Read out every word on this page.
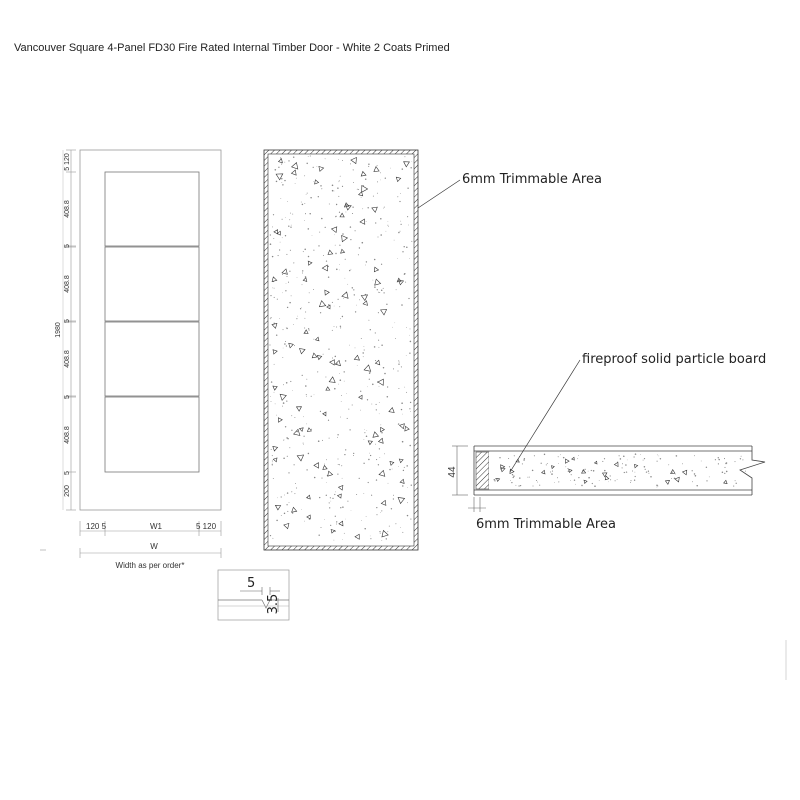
Vancouver Square 4-Panel FD30 Fire Rated Internal Timber Door - White 2 Coats Primed
1980
5 120
408.8
5
408.8
5
408.8
5
408.8
5
200
120 5	W1	5 120
W
Width as per order*
6mm Trimmable Area
fireproof solid particle board
44
6mm Trimmable Area
5
3.5
